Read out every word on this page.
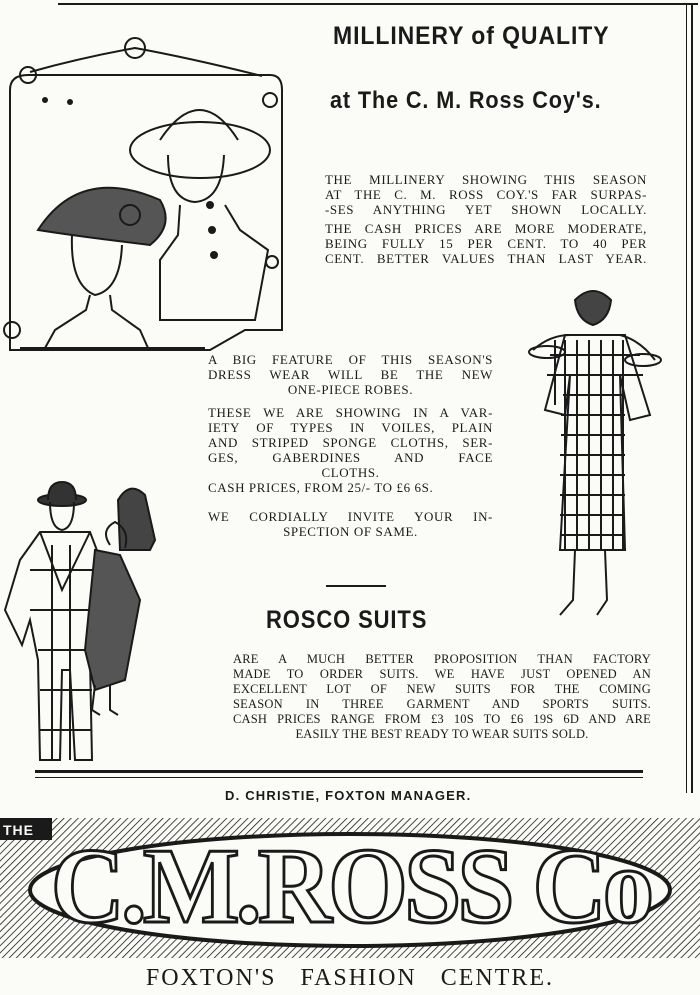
MILLINERY of QUALITY
at The C. M. Ross Coy's.
THE MILLINERY SHOWING THIS SEASON
AT THE C. M. ROSS COY.'S FAR SURPAS-
-SES ANYTHING YET SHOWN LOCALLY.
THE CASH PRICES ARE MORE MODERATE,
BEING FULLY 15 PER CENT. TO 40 PER
CENT. BETTER VALUES THAN LAST YEAR.
A BIG FEATURE OF THIS SEASON'S
DRESS WEAR WILL BE THE NEW
ONE-PIECE ROBES.
THESE WE ARE SHOWING IN A VAR-
IETY OF TYPES IN VOILES, PLAIN
AND STRIPED SPONGE CLOTHS, SER-
GES, GABERDINES AND FACE
CLOTHS.
CASH PRICES, FROM 25/- TO £6 6S.
WE CORDIALLY INVITE YOUR IN-
SPECTION OF SAME.
ROSCO SUITS
ARE A MUCH BETTER PROPOSITION THAN FACTORY
MADE TO ORDER SUITS. WE HAVE JUST OPENED AN
EXCELLENT LOT OF NEW SUITS FOR THE COMING
SEASON IN THREE GARMENT AND SPORTS SUITS.
CASH PRICES RANGE FROM £3 10S TO £6 19S 6D AND ARE
EASILY THE BEST READY TO WEAR SUITS SOLD.
D. CHRISTIE, FOXTON MANAGER.
THE C.M.ROSS Co
FOXTON'S   FASHION   CENTRE.
